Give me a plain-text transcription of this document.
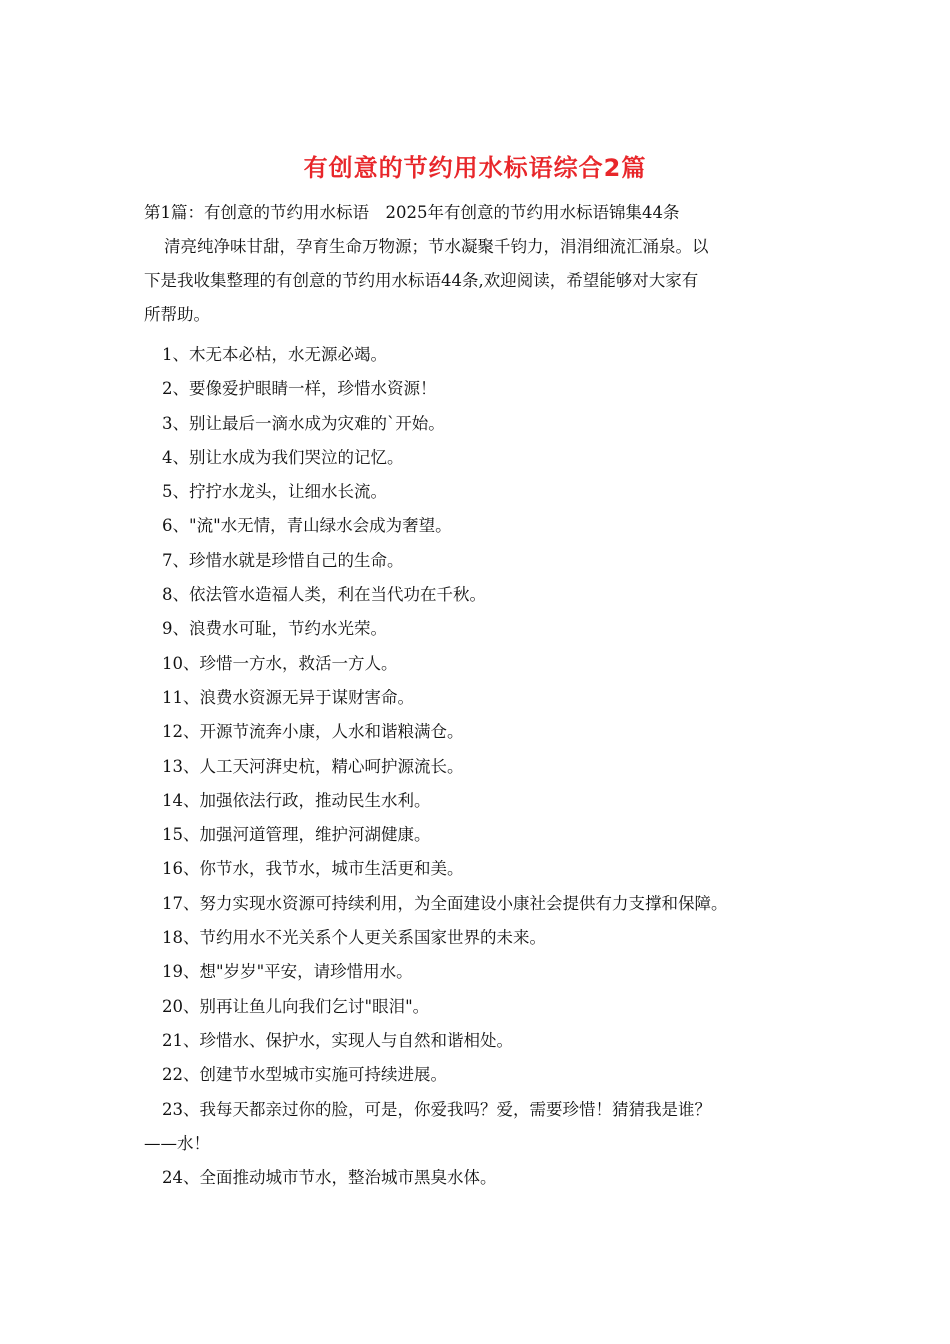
有创意的节约用水标语综合2篇
第1篇：有创意的节约用水标语　2025年有创意的节约用水标语锦集44条
清亮纯净味甘甜，孕育生命万物源；节水凝聚千钧力，涓涓细流汇涌泉。以
下是我收集整理的有创意的节约用水标语44条,欢迎阅读，希望能够对大家有
所帮助。
1、木无本必枯，水无源必竭。
2、要像爱护眼睛一样，珍惜水资源！
3、别让最后一滴水成为灾难的`开始。
4、别让水成为我们哭泣的记忆。
5、拧拧水龙头，让细水长流。
6、"流"水无情，青山绿水会成为奢望。
7、珍惜水就是珍惜自己的生命。
8、依法管水造福人类，利在当代功在千秋。
9、浪费水可耻，节约水光荣。
10、珍惜一方水，救活一方人。
11、浪费水资源无异于谋财害命。
12、开源节流奔小康，人水和谐粮满仓。
13、人工天河湃史杭，精心呵护源流长。
14、加强依法行政，推动民生水利。
15、加强河道管理，维护河湖健康。
16、你节水，我节水，城市生活更和美。
17、努力实现水资源可持续利用，为全面建设小康社会提供有力支撑和保障。
18、节约用水不光关系个人更关系国家世界的未来。
19、想"岁岁"平安，请珍惜用水。
20、别再让鱼儿向我们乞讨"眼泪"。
21、珍惜水、保护水，实现人与自然和谐相处。
22、创建节水型城市实施可持续进展。
23、我每天都亲过你的脸，可是，你爱我吗？爱，需要珍惜！猜猜我是谁？
——水！
24、全面推动城市节水，整治城市黑臭水体。
